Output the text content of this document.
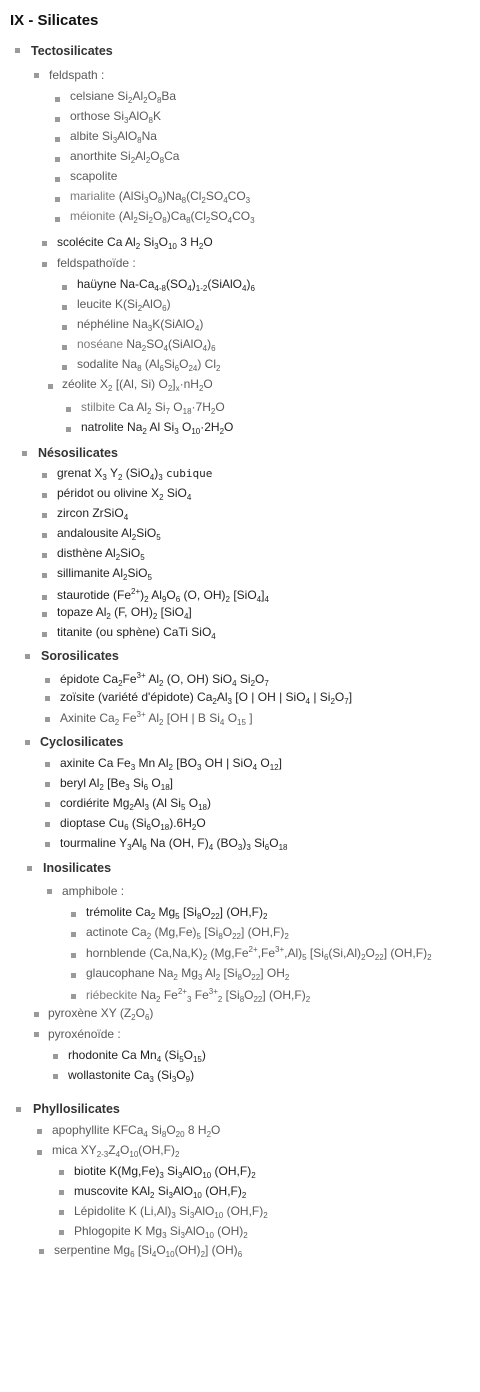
IX - Silicates
Tectosilicates
feldspath :
celsiane $Si_2Al_2O_8Ba$
orthose $Si_3AlO_8K$
albite $Si_3AlO_8Na$
anorthite $Si_2Al_2O_8Ca$
scapolite
marialite $(AlSi_3O_8)Na_8(Cl_2SO_4CO_3$
méionite $(Al_2Si_2O_8)Ca_8(Cl_2SO_4CO_3$
scolécite Ca $Al_2$ $Si_3O_{10}$ 3 $H_2O$
feldspathoïde :
haüyne $Na-Ca_{4-8}(SO_4)_{1-2}(SiAlO_4)_6$
leucite $K(Si_2AlO_6)$
néphéline $Na_3K(SiAlO_4)$
noséane $Na_2SO_4(SiAlO_4)_6$
sodalite $Na_8$ $(Al_6Si_6O_{24})$ $Cl_2$
zéolite $X_2$ [(Al, Si) $O_2]_x\cdot nH_2O$
stilbite Ca $Al_2$ $Si_7$ $O_{18}\cdot 7H_2O$
natrolite $Na_2$ Al $Si_3$ $O_{10}\cdot 2H_2O$
Nésosilicates
grenat $X_3$ $Y_2$ $(SiO_4)_3$ cubique
péridot ou olivine $X_2$ SiO$_4$
zircon ZrSiO$_4$
andalousite $Al_2SiO_5$
disthène $Al_2SiO_5$
sillimanite $Al_2SiO_5$
staurotide $(Fe^{2+})_2$ $Al_9O_6$ (O, $OH)_2$ $[SiO_4]_4$
topaze $Al_2$ (F, $OH)_2$ [SiO$_4$]
titanite (ou sphène) CaTi SiO$_4$
Sorosilicates
épidote $Ca_2Fe^{3+}$ $Al_2$ (O, OH) SiO$_4$ $Si_2O_7$
zoïsite (variété d'épidote) $Ca_2Al_3$ [O | OH | SiO$_4$ | $Si_2O_7$]
Axinite $Ca_2$ $Fe^{3+}$ $Al_2$ [OH | B $Si_4$ $O_{15}$ ]
Cyclosilicates
axinite Ca $Fe_3$ Mn $Al_2$ [$BO_3$ OH | SiO$_4$ $O_{12}$]
beryl $Al_2$ [$Be_3$ $Si_6$ $O_{18}$]
cordiérite $Mg_2Al_3$ (Al $Si_5$ $O_{18}$)
dioptase $Cu_6$ $(Si_6O_{18}).6H_2O$
tourmaline $Y_3Al_6$ Na (OH, $F)_4$ $(BO_3)_3$ $Si_6O_{18}$
Inosilicates
amphibole :
trémolite $Ca_2$ $Mg_5$ $[Si_8O_{22}]$ $(OH,F)_2$
actinote $Ca_2$ $(Mg,Fe)_5$ $[Si_8O_{22}]$ $(OH,F)_2$
hornblende $(Ca,Na,K)_2$ $(Mg,Fe^{2+},Fe^{3+},Al)_5$ $[Si_6(Si,Al)_2O_{22}]$ $(OH,F)_2$
glaucophane $Na_2$ $Mg_3$ $Al_2$ $[Si_8O_{22}]$ $OH_2$
riébeckite $Na_2$ $Fe^{2+}_3$ $Fe^{3+}_2$ $[Si_8O_{22}]$ $(OH,F)_2$
pyroxène XY $(Z_2O_6)$
pyroxénoïde :
rhodonite Ca $Mn_4$ $(Si_5O_{15})$
wollastonite $Ca_3$ $(Si_3O_9)$
Phyllosilicates
apophyllite KFCa$_4$ $Si_8O_{20}$ 8 $H_2O$
mica $XY_{2-3}Z_4O_{10}(OH,F)_2$
biotite $K(Mg,Fe)_3$ $Si_3AlO_{10}$ $(OH,F)_2$
muscovite KAl$_2$ $Si_3AlO_{10}$ $(OH,F)_2$
Lépidolite K $(Li,Al)_3$ $Si_3AlO_{10}$ $(OH,F)_2$
Phlogopite K $Mg_3$ $Si_3AlO_{10}$ $(OH)_2$
serpentine $Mg_6$ $[Si_4O_{10}(OH)_2]$ $(OH)_6$
